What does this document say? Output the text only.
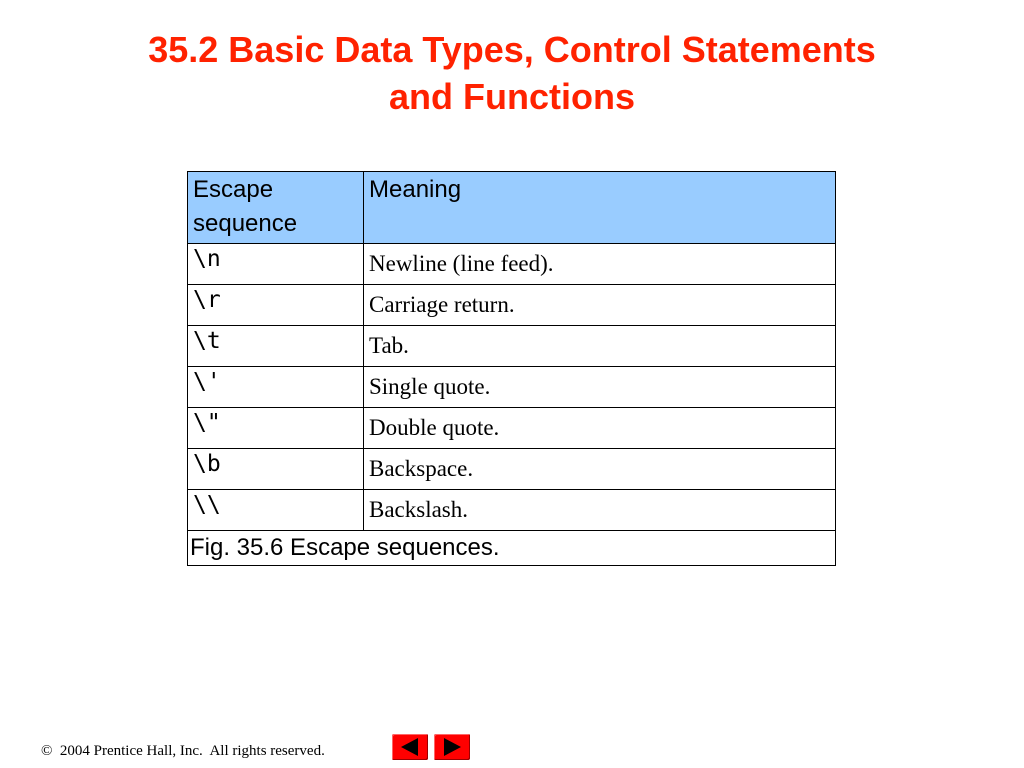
35.2 Basic Data Types, Control Statements
and Functions
Escape sequence	Meaning
\n	Newline (line feed).
\r	Carriage return.
\t	Tab.
\'	Single quote.
\"	Double quote.
\b	Backspace.
\\	Backslash.
Fig. 35.6 Escape sequences.	
©  2004 Prentice Hall, Inc.  All rights reserved.
